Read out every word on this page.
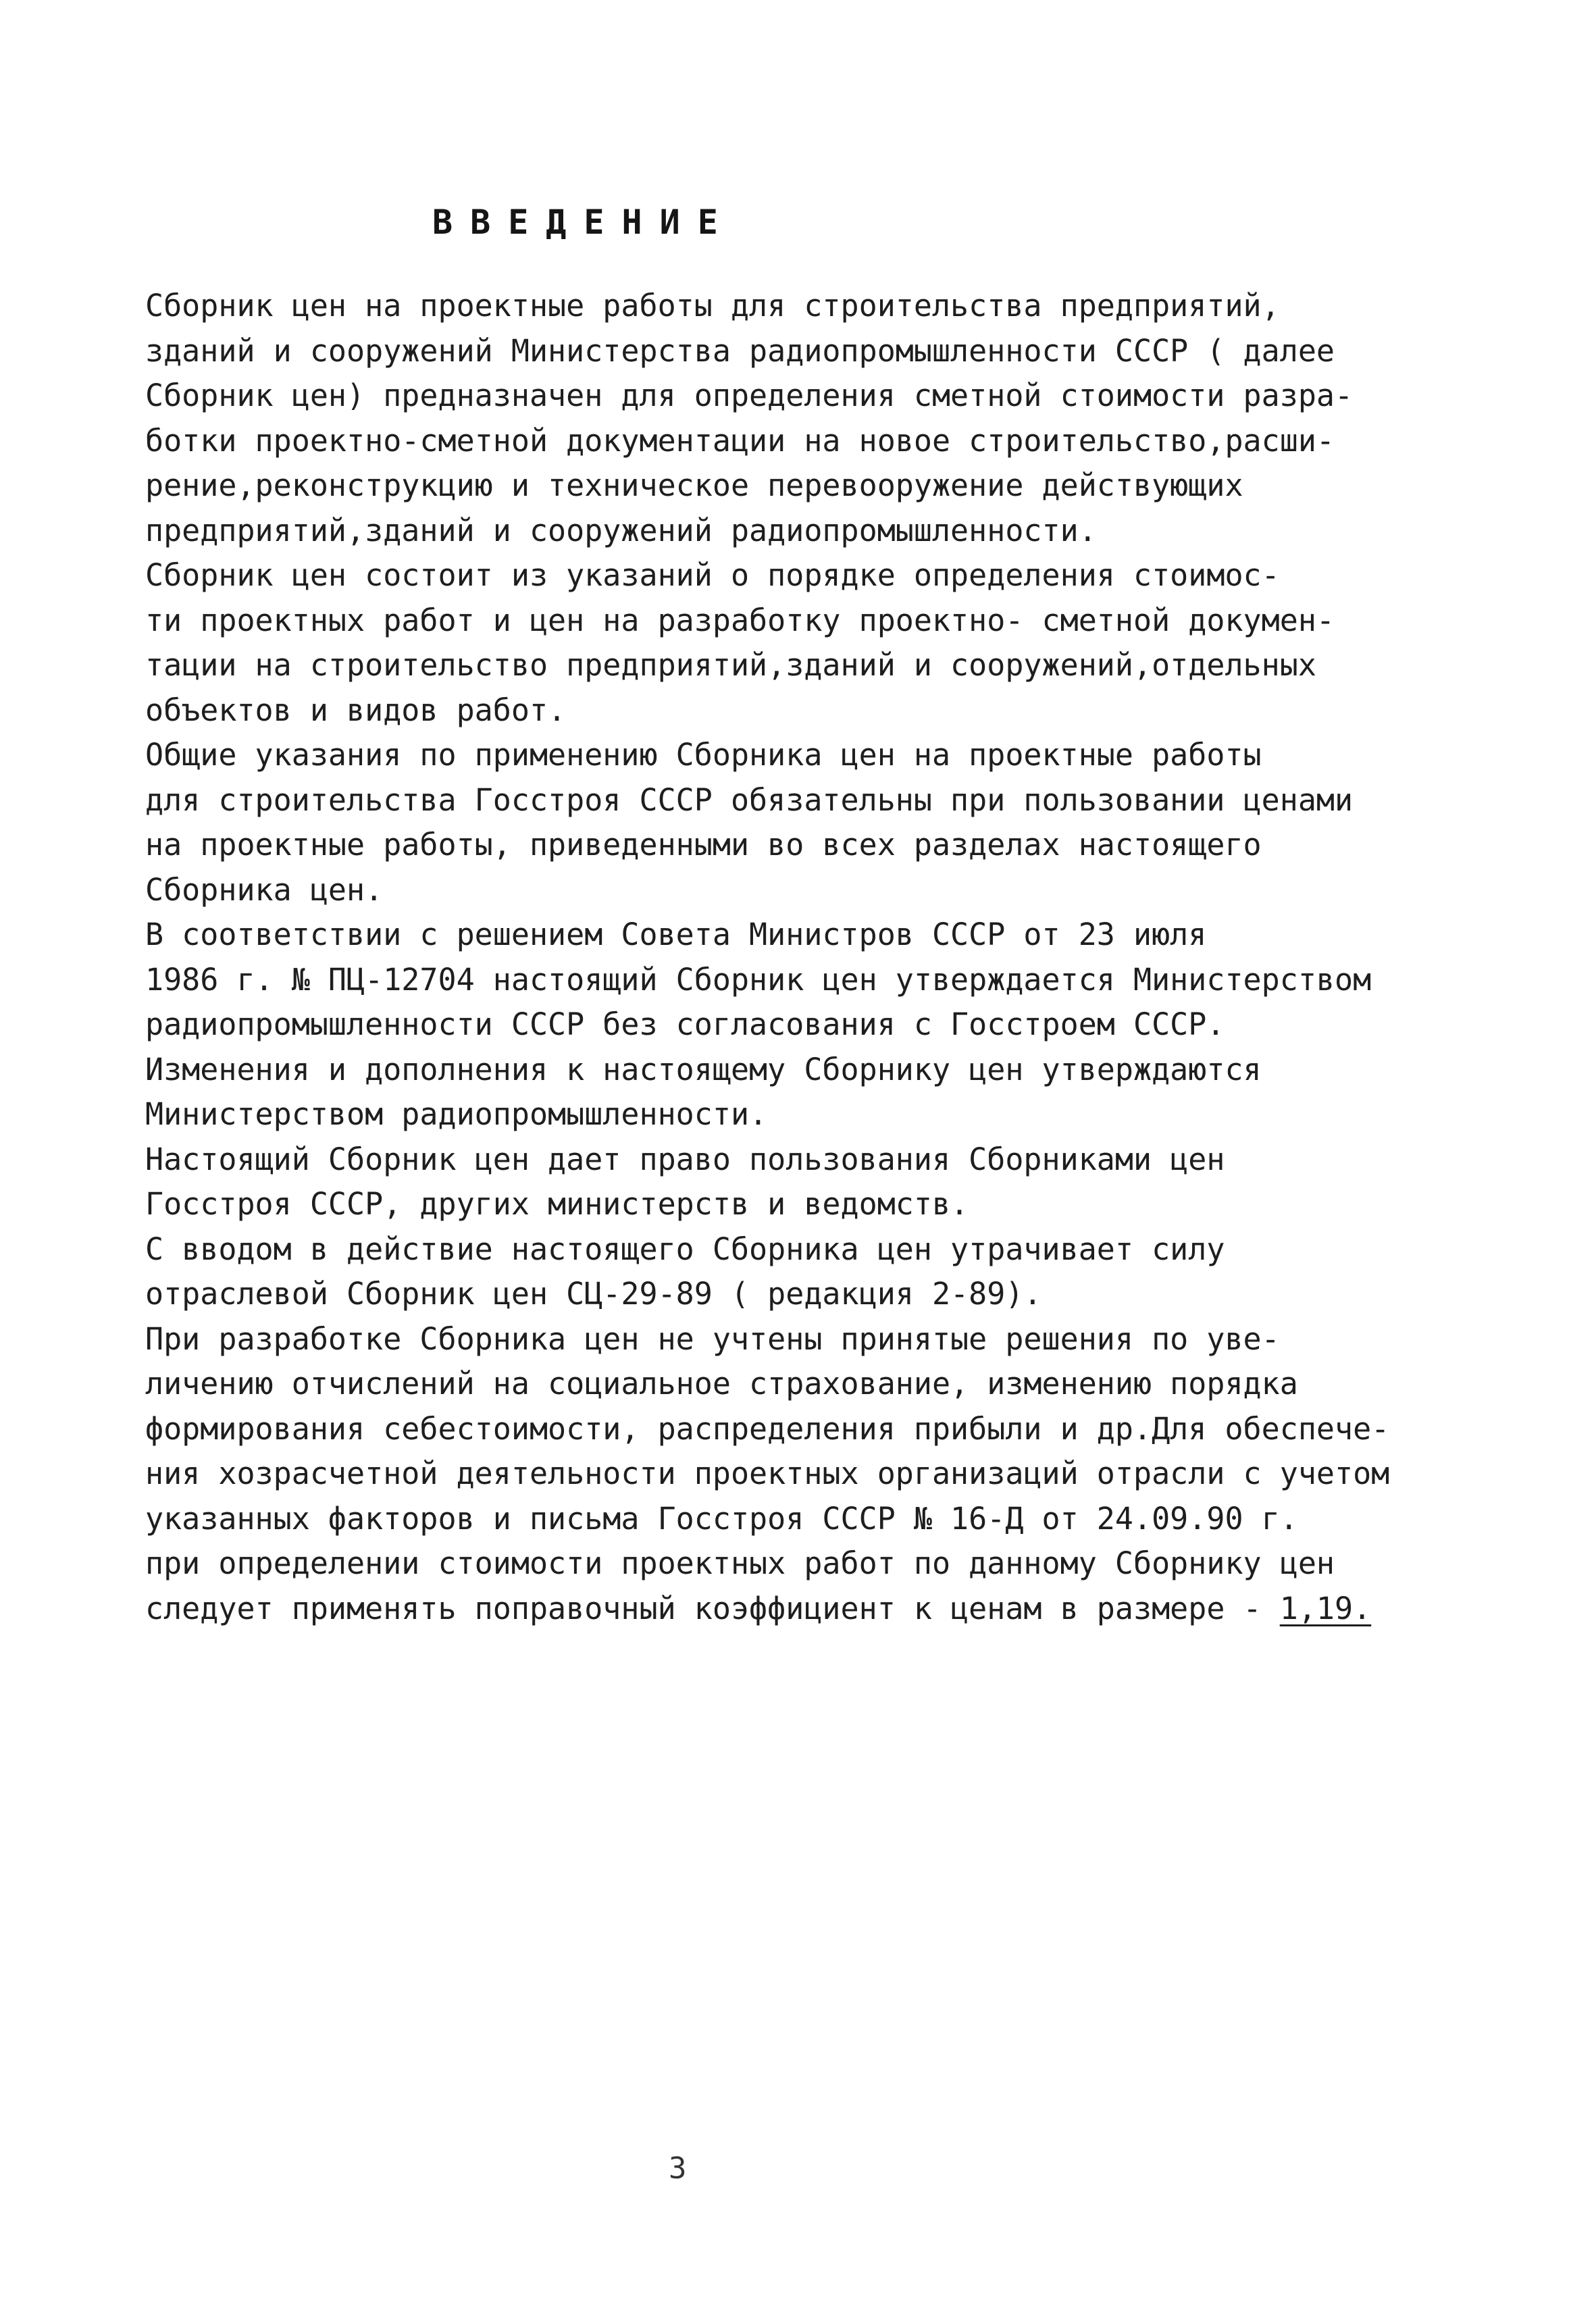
ВВЕДЕНИЕ
Сборник цен на проектные работы для строительства предприятий,
зданий и сооружений Министерства радиопромышленности СССР ( далее
Сборник цен) предназначен для определения сметной стоимости разра-
ботки проектно-сметной документации на новое строительство,расши-
рение,реконструкцию и техническое перевооружение действующих
предприятий,зданий и сооружений радиопромышленности.
Сборник цен состоит из указаний о порядке определения стоимос-
ти проектных работ и цен на разработку проектно- сметной докумен-
тации на строительство предприятий,зданий и сооружений,отдельных
объектов и видов работ.
Общие указания по применению Сборника цен на проектные работы
для строительства Госстроя СССР обязательны при пользовании ценами
на проектные работы, приведенными во всех разделах настоящего
Сборника цен.
В соответствии с решением Совета Министров СССР от 23 июля
1986 г. № ПЦ-12704 настоящий Сборник цен утверждается Министерством
радиопромышленности СССР без согласования с Госстроем СССР.
Изменения и дополнения к настоящему Сборнику цен утверждаются
Министерством радиопромышленности.
Настоящий Сборник цен дает право пользования Сборниками цен
Госстроя СССР, других министерств и ведомств.
С вводом в действие настоящего Сборника цен утрачивает силу
отраслевой Сборник цен СЦ-29-89 ( редакция 2-89).
При разработке Сборника цен не учтены принятые решения по уве-
личению отчислений на социальное страхование, изменению порядка
формирования себестоимости, распределения прибыли и др.Для обеспече-
ния хозрасчетной деятельности проектных организаций отрасли с учетом
указанных факторов и письма Госстроя СССР № 16-Д от 24.09.90 г.
при определении стоимости проектных работ по данному Сборнику цен
следует применять поправочный коэффициент к ценам в размере - 1,19.
3
